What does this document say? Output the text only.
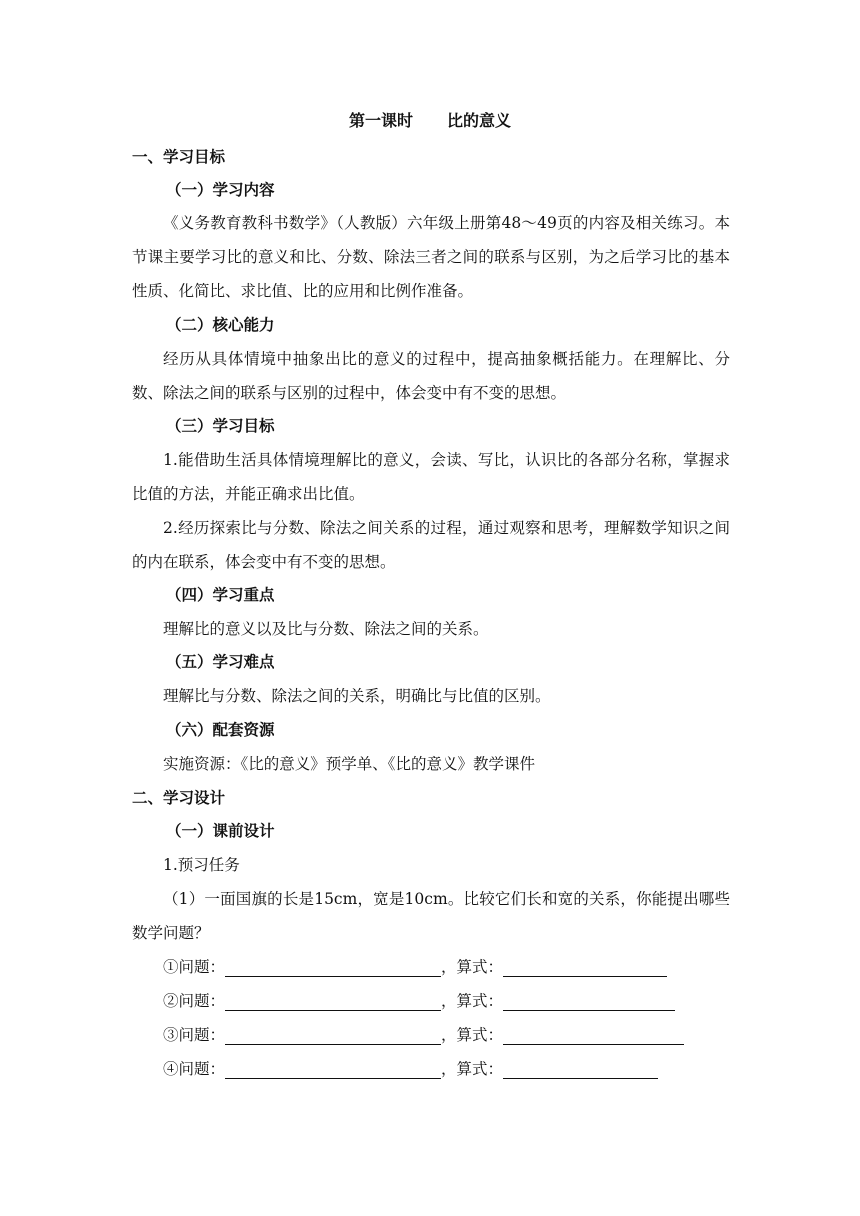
第一课时 比的意义
一、学习目标
（一）学习内容
《义务教育教科书数学》（人教版）六年级上册第48～49页的内容及相关练习。本节课主要学习比的意义和比、分数、除法三者之间的联系与区别，为之后学习比的基本性质、化简比、求比值、比的应用和比例作准备。
（二）核心能力
经历从具体情境中抽象出比的意义的过程中，提高抽象概括能力。在理解比、分数、除法之间的联系与区别的过程中，体会变中有不变的思想。
（三）学习目标
1.能借助生活具体情境理解比的意义，会读、写比，认识比的各部分名称，掌握求比值的方法，并能正确求出比值。
2.经历探索比与分数、除法之间关系的过程，通过观察和思考，理解数学知识之间的内在联系，体会变中有不变的思想。
（四）学习重点
理解比的意义以及比与分数、除法之间的关系。
（五）学习难点
理解比与分数、除法之间的关系，明确比与比值的区别。
（六）配套资源
实施资源：《比的意义》预学单、《比的意义》教学课件
二、学习设计
（一）课前设计
1.预习任务
（1）一面国旗的长是15cm，宽是10cm。比较它们长和宽的关系，你能提出哪些数学问题？
①问题：	，算式：
②问题：	，算式：
③问题：	，算式：
④问题：	，算式：
